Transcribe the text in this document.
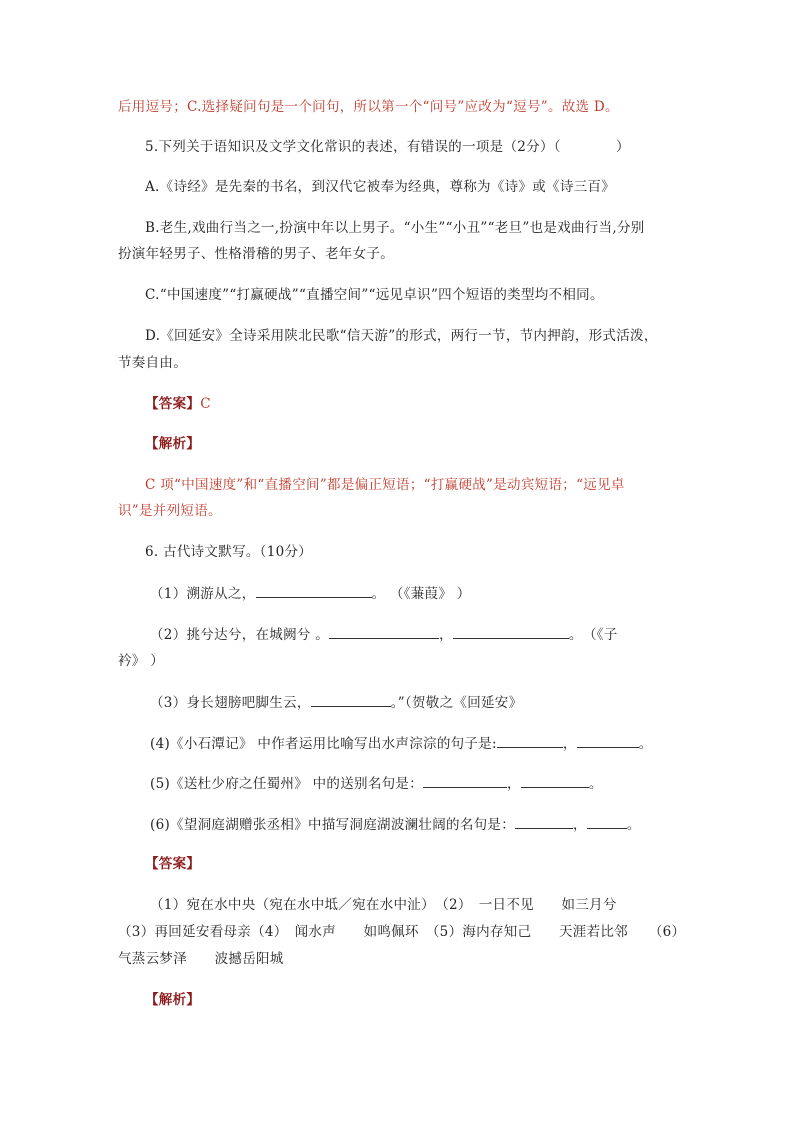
后用逗号；C.选择疑问句是一个问句，所以第一个“问号”应改为“逗号”。故选 D。
5.下列关于语知识及文学文化常识的表述，有错误的一项是（2分）（　　　　）
A.《诗经》是先秦的书名，到汉代它被奉为经典，尊称为《诗》或《诗三百》
B.老生,戏曲行当之一,扮演中年以上男子。“小生”“小丑”“老旦”也是戏曲行当,分别
扮演年轻男子、性格滑稽的男子、老年女子。
C.“中国速度”“打赢硬战”“直播空间”“远见卓识”四个短语的类型均不相同。
D.《回延安》全诗采用陕北民歌“信天游”的形式，两行一节，节内押韵，形式活泼，
节奏自由。
【答案】C
【解析】
C 项“中国速度”和“直播空间”都是偏正短语；“打赢硬战”是动宾短语；“远见卓
识”是并列短语。
6. 古代诗文默写。（10分）
（1）溯游从之，	。 （《蒹葭》 ）
（2）挑兮达兮，在城阙兮 。	，	。　（《子
衿》 ）
（3）身长翅膀吧脚生云，	。”（贺敬之《回延安》
(4)《小石潭记》 中作者运用比喻写出水声淙淙的句子是:	，	。
(5)《送杜少府之任蜀州》 中的送别名句是：	，	。
(6)《望洞庭湖赠张丞相》中描写洞庭湖波澜壮阔的名句是：	，	。
【答案】
（1）宛在水中央（宛在水中坻／宛在水中沚）　（2）　一日不见　　如三月兮
（3）再回延安看母亲（4）　闻水声　　如鸣佩环　（5）海内存知己　　天涯若比邻　　（6）
气蒸云梦泽　　波撼岳阳城
【解析】
